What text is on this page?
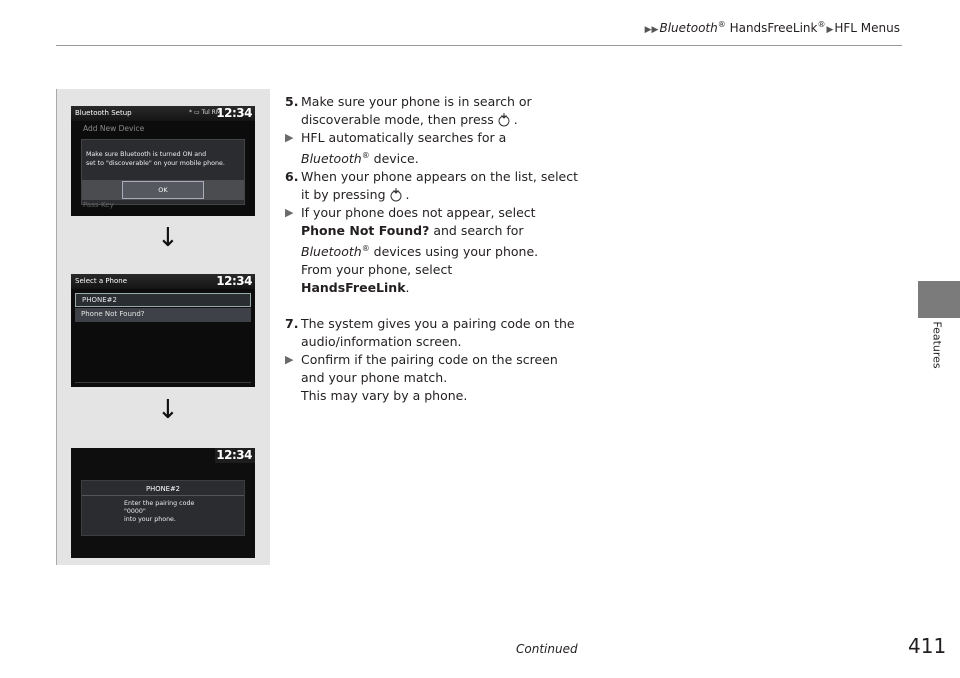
▶▶Bluetooth® HandsFreeLink®▶HFL Menus
Features
Bluetooth Setup	* ▭ Tul RM
12:34
Add New Device
Make sure Bluetooth is turned ON and
set to "discoverable" on your mobile phone.
OK
Pass-Key
↓
Select a Phone	12:34
PHONE#2
Phone Not Found?
↓
12:34
PHONE#2
Enter the pairing code
"0000"
into your phone.
5. Make sure your phone is in search or
discoverable mode, then press .
▶ HFL automatically searches for a
Bluetooth® device.
6. When your phone appears on the list, select
it by pressing .
▶ If your phone does not appear, select
Phone Not Found? and search for
Bluetooth® devices using your phone.
From your phone, select
HandsFreeLink.
7. The system gives you a pairing code on the
audio/information screen.
▶ Confirm if the pairing code on the screen
and your phone match.
This may vary by a phone.
Continued	411
